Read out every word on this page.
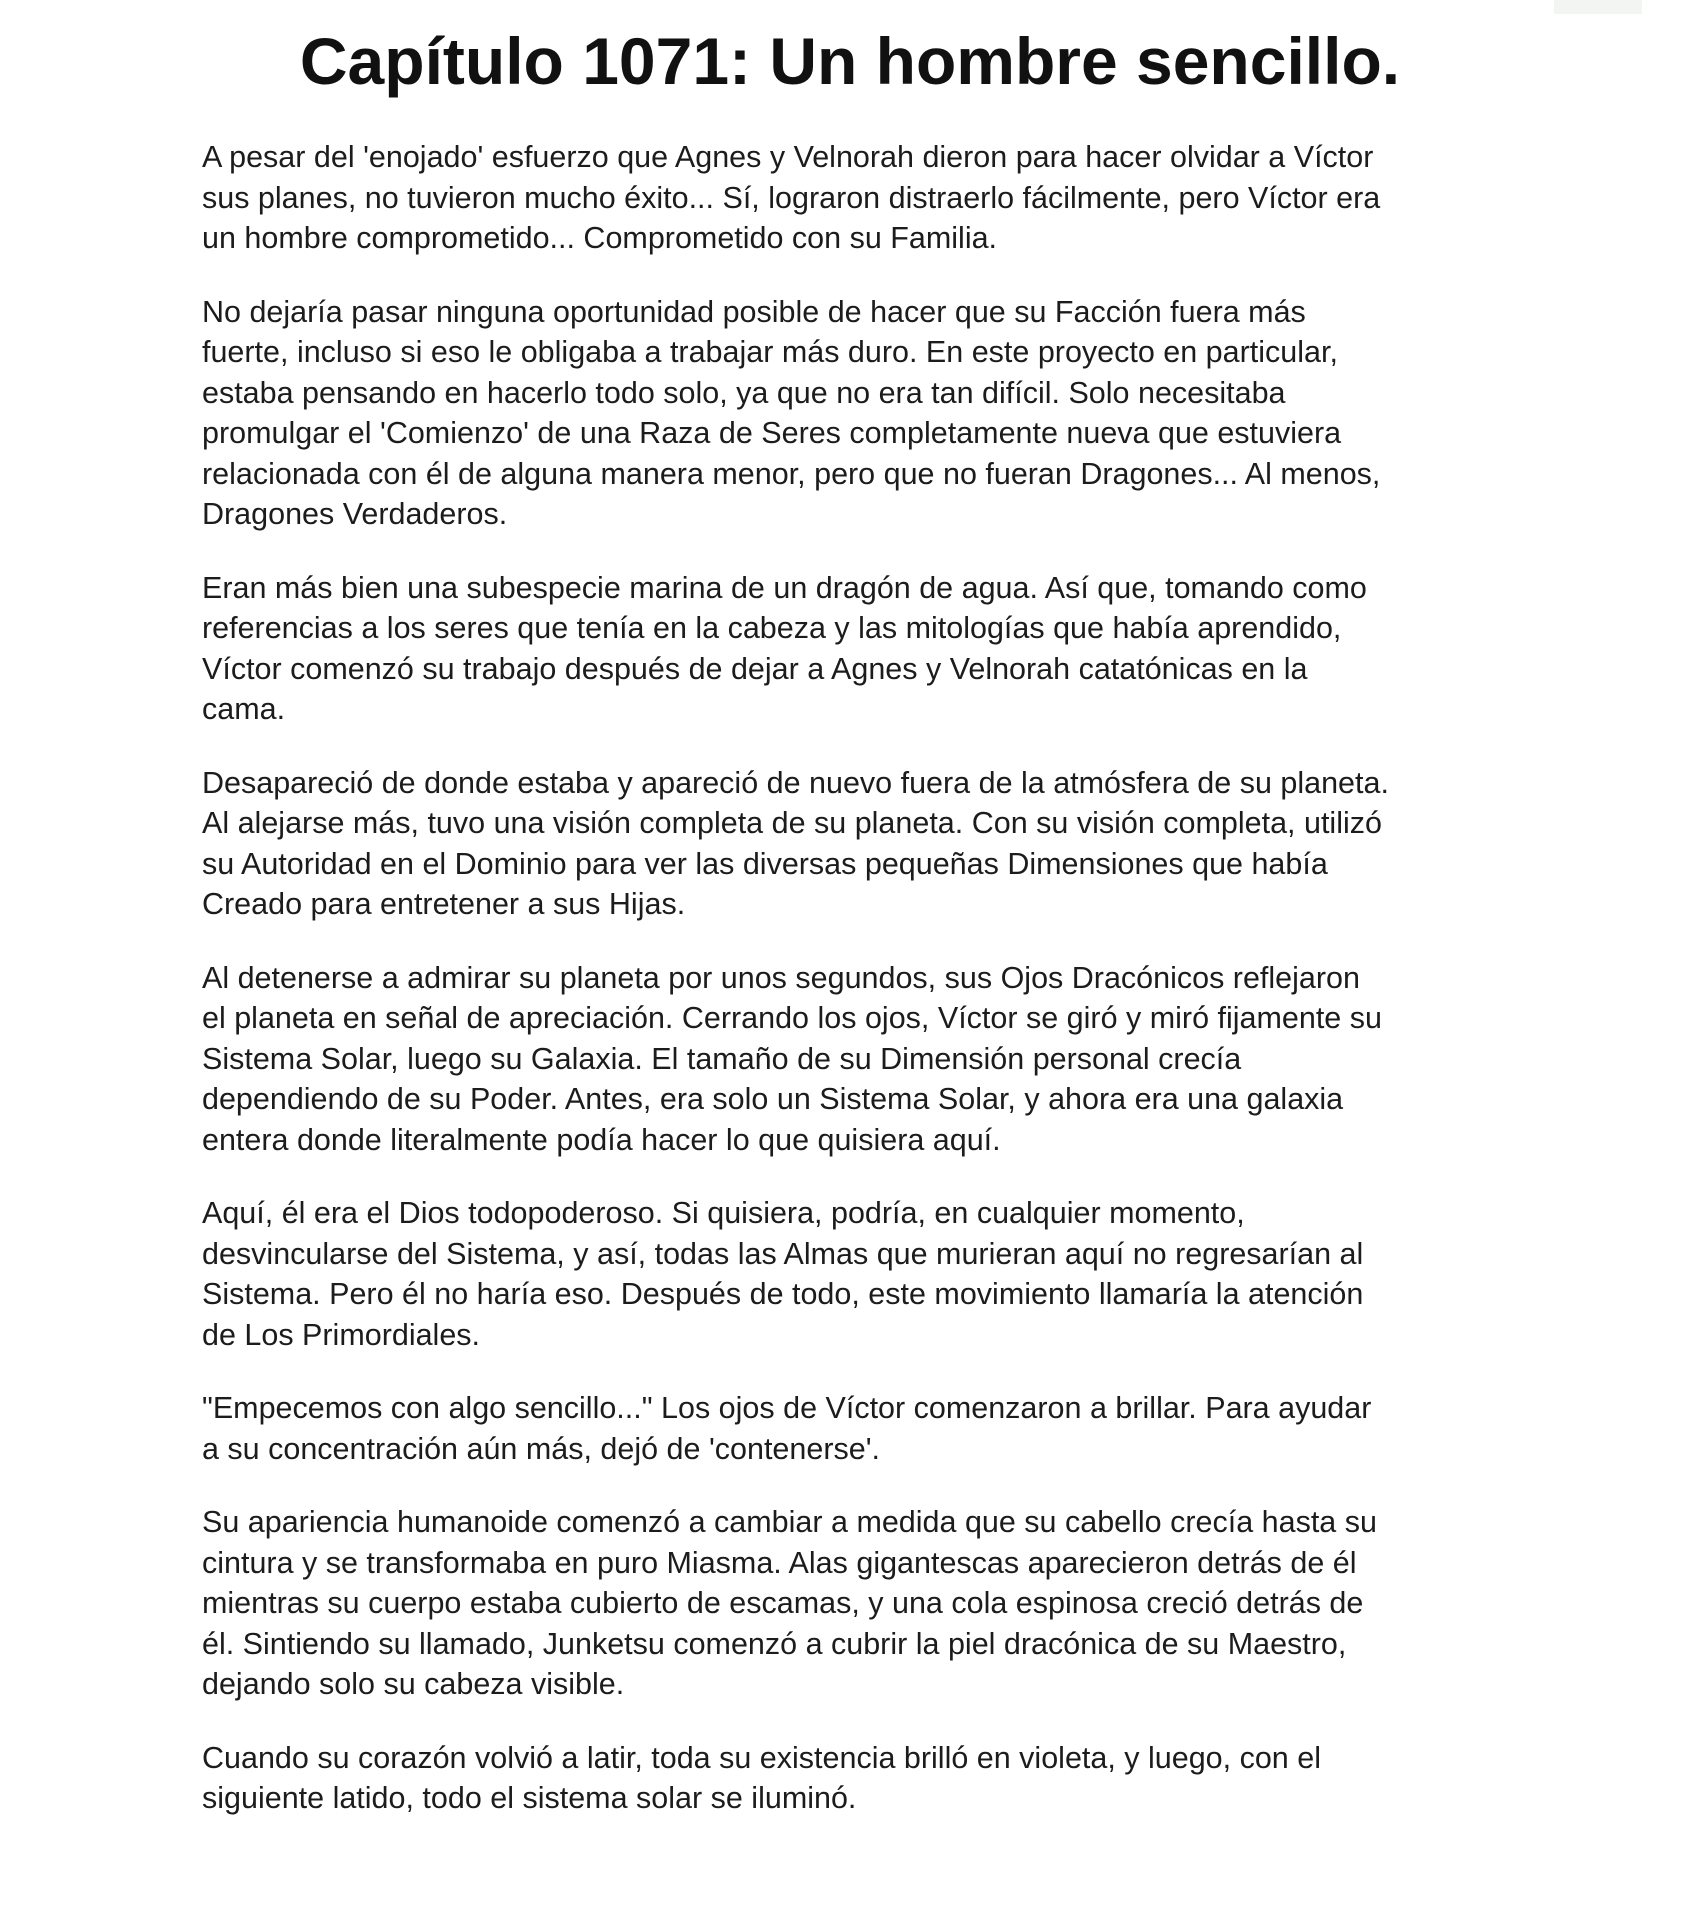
Capítulo 1071: Un hombre sencillo.

A pesar del 'enojado' esfuerzo que Agnes y Velnorah dieron para hacer olvidar a Víctor
sus planes, no tuvieron mucho éxito... Sí, lograron distraerlo fácilmente, pero Víctor era
un hombre comprometido... Comprometido con su Familia.

No dejaría pasar ninguna oportunidad posible de hacer que su Facción fuera más
fuerte, incluso si eso le obligaba a trabajar más duro. En este proyecto en particular,
estaba pensando en hacerlo todo solo, ya que no era tan difícil. Solo necesitaba
promulgar el 'Comienzo' de una Raza de Seres completamente nueva que estuviera
relacionada con él de alguna manera menor, pero que no fueran Dragones... Al menos,
Dragones Verdaderos.

Eran más bien una subespecie marina de un dragón de agua. Así que, tomando como
referencias a los seres que tenía en la cabeza y las mitologías que había aprendido,
Víctor comenzó su trabajo después de dejar a Agnes y Velnorah catatónicas en la
cama.

Desapareció de donde estaba y apareció de nuevo fuera de la atmósfera de su planeta.
Al alejarse más, tuvo una visión completa de su planeta. Con su visión completa, utilizó
su Autoridad en el Dominio para ver las diversas pequeñas Dimensiones que había
Creado para entretener a sus Hijas.

Al detenerse a admirar su planeta por unos segundos, sus Ojos Dracónicos reflejaron
el planeta en señal de apreciación. Cerrando los ojos, Víctor se giró y miró fijamente su
Sistema Solar, luego su Galaxia. El tamaño de su Dimensión personal crecía
dependiendo de su Poder. Antes, era solo un Sistema Solar, y ahora era una galaxia
entera donde literalmente podía hacer lo que quisiera aquí.

Aquí, él era el Dios todopoderoso. Si quisiera, podría, en cualquier momento,
desvincularse del Sistema, y así, todas las Almas que murieran aquí no regresarían al
Sistema. Pero él no haría eso. Después de todo, este movimiento llamaría la atención
de Los Primordiales.

"Empecemos con algo sencillo..." Los ojos de Víctor comenzaron a brillar. Para ayudar
a su concentración aún más, dejó de 'contenerse'.

Su apariencia humanoide comenzó a cambiar a medida que su cabello crecía hasta su
cintura y se transformaba en puro Miasma. Alas gigantescas aparecieron detrás de él
mientras su cuerpo estaba cubierto de escamas, y una cola espinosa creció detrás de
él. Sintiendo su llamado, Junketsu comenzó a cubrir la piel dracónica de su Maestro,
dejando solo su cabeza visible.

Cuando su corazón volvió a latir, toda su existencia brilló en violeta, y luego, con el
siguiente latido, todo el sistema solar se iluminó.
